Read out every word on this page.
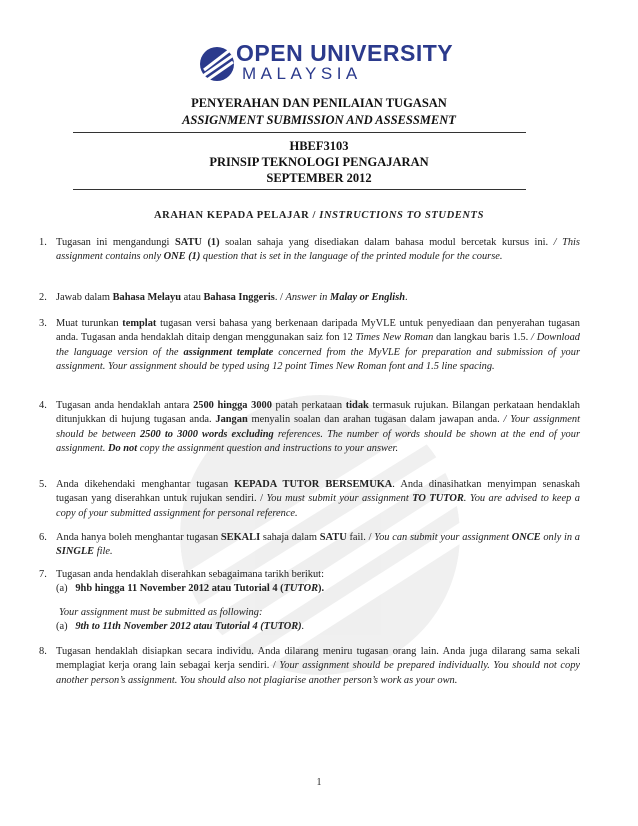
OPEN UNIVERSITY
MALAYSIA
PENYERAHAN DAN PENILAIAN TUGASAN
ASSIGNMENT SUBMISSION AND ASSESSMENT
HBEF3103
PRINSIP TEKNOLOGI PENGAJARAN
SEPTEMBER 2012
ARAHAN KEPADA PELAJAR / INSTRUCTIONS TO STUDENTS
1. Tugasan ini mengandungi SATU (1) soalan sahaja yang disediakan dalam bahasa modul bercetak kursus ini. / This assignment contains only ONE (1) question that is set in the language of the printed module for the course.
2. Jawab dalam Bahasa Melayu atau Bahasa Inggeris. / Answer in Malay or English.
3. Muat turunkan templat tugasan versi bahasa yang berkenaan daripada MyVLE untuk penyediaan dan penyerahan tugasan anda. Tugasan anda hendaklah ditaip dengan menggunakan saiz fon 12 Times New Roman dan langkau baris 1.5. / Download the language version of the assignment template concerned from the MyVLE for preparation and submission of your assignment. Your assignment should be typed using 12 point Times New Roman font and 1.5 line spacing.
4. Tugasan anda hendaklah antara 2500 hingga 3000 patah perkataan tidak termasuk rujukan. Bilangan perkataan hendaklah ditunjukkan di hujung tugasan anda. Jangan menyalin soalan dan arahan tugasan dalam jawapan anda. / Your assignment should be between 2500 to 3000 words excluding references. The number of words should be shown at the end of your assignment. Do not copy the assignment question and instructions to your answer.
5. Anda dikehendaki menghantar tugasan KEPADA TUTOR BERSEMUKA. Anda dinasihatkan menyimpan senaskah tugasan yang diserahkan untuk rujukan sendiri. / You must submit your assignment TO TUTOR. You are advised to keep a copy of your submitted assignment for personal reference.
6. Anda hanya boleh menghantar tugasan SEKALI sahaja dalam SATU fail. / You can submit your assignment ONCE only in a SINGLE file.
7. Tugasan anda hendaklah diserahkan sebagaimana tarikh berikut:
(a) 9hb hingga 11 November 2012 atau Tutorial 4 (TUTOR).
Your assignment must be submitted as following:
(a) 9th to 11th November 2012 atau Tutorial 4 (TUTOR).
8. Tugasan hendaklah disiapkan secara individu. Anda dilarang meniru tugasan orang lain. Anda juga dilarang sama sekali memplagiat kerja orang lain sebagai kerja sendiri. / Your assignment should be prepared individually. You should not copy another person’s assignment. You should also not plagiarise another person’s work as your own.
1
